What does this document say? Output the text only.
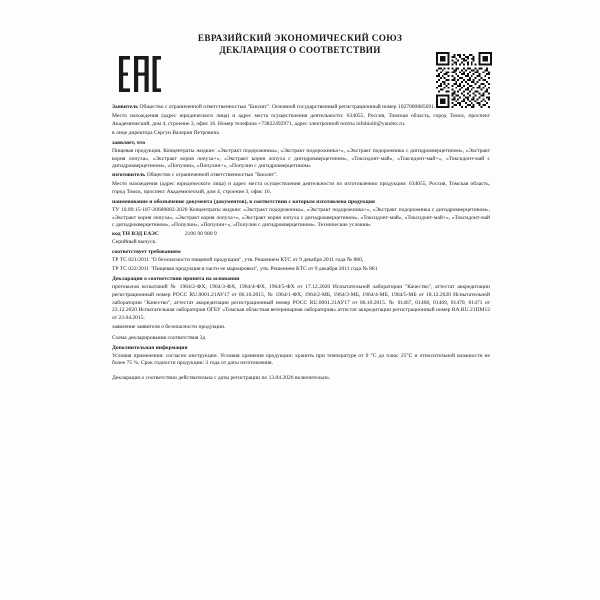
ЕВРАЗИЙСКИЙ ЭКОНОМИЧЕСКИЙ СОЮЗ
ДЕКЛАРАЦИЯ О СООТВЕТСТВИИ

Заявитель Общество с ограниченной ответственностью "Биолит". Основной государственный регистрационный номер 1027000885691.

Место нахождения (адрес юридического лица) и адрес места осуществления деятельности: 634055, Россия, Томская область, город Томск, проспект Академический, дом 4, строение 3, офис 16. Номер телефона +73822492971, адрес электронной почты infobiolit@yandex.ru.

в лице директора Сергун Валерия Петровича

заявляет, что

Пищевая продукция. Концентраты жидкие: «Экстракт подорожника», «Экстракт подорожника+», «Экстракт подорожника с дигидрокверцетином», «Экстракт корня лопуха», «Экстракт корня лопуха+», «Экстракт корня лопуха с дигидрокверцетином», «Токсидонт-май», «Токсидонт-май+», «Токсидонт-май с дигидрокверцетином», «Популин», «Популин+», «Популин с дигидрокверцетином»

изготовитель Общество с ограниченной ответственностью "Биолит".

Место нахождения (адрес юридического лица) и адрес места осуществления деятельности по изготовлению продукции: 634055, Россия, Томская область, город Томск, проспект Академический, дом 4, строение 3, офис 16.

наименование и обозначение документа (документов), в соответствии с которым изготовлена продукция

ТУ 10.89.15-187-20680882-2020 Концентраты жидкие: «Экстракт подорожника», «Экстракт подорожника+», «Экстракт подорожника с дигидрокверцетином», «Экстракт корня лопуха», «Экстракт корня лопуха+», «Экстракт корня лопуха с дигидрокверцетином», «Токсидонт-май», «Токсидонт-май+», «Токсидонт-май с дигидрокверцетином», «Популин», «Популин+», «Популин с дигидрокверцетином». Технические условия»

код ТН ВЭД ЕАЭС	2106 90 980 9

Серийный выпуск.

соответствует требованиям

ТР ТС 021/2011 "О безопасности пищевой продукции", утв. Решением КТС от 9 декабря 2011 года № 880,

ТР ТС 022/2011 "Пищевая продукция в части ее маркировки", утв. Решением КТС от 9 декабря 2011 года № 881

Декларация о соответствии принята на основании

протоколов испытаний № 1964/2-ФХ, 1964/3-ФХ, 1964/4-ФХ, 1964/5-ФХ от 17.12.2020 Испытательной лаборатории "Качество", аттестат аккредитации регистрационный номер РОСС RU.0001.21АУ17 от 06.10.2015, № 1964/1-ФХ, 1964/2-МБ, 1964/3-МБ, 1964/4-МБ, 1964/5-МБ от 18.12.2020 Испытательной лаборатории "Качество", аттестат аккредитации регистрационный номер РОСС RU.0001.21АУ17 от 06.10.2015. № 01467, 01468, 01469, 01470, 01471 от 23.12.2020 Испытательная лаборатория ОГБУ «Томская областная ветеринарная лаборатория» аттестат аккредитации регистрационный номер RA.RU.21ПМ12 от 23.04.2015.

заявление заявителя о безопасности продукции.

Схема декларирования соответствия 3д

Дополнительная информация

Условия применения: согласно инструкции. Условия хранения продукции: хранить при температуре от 0 °С до плюс 25°С и относительной влажности не более 75 %. Срок годности продукции: 3 года от даты изготовления.

Декларация о соответствии действительна с даты регистрации по 13.04.2026 включительно.
